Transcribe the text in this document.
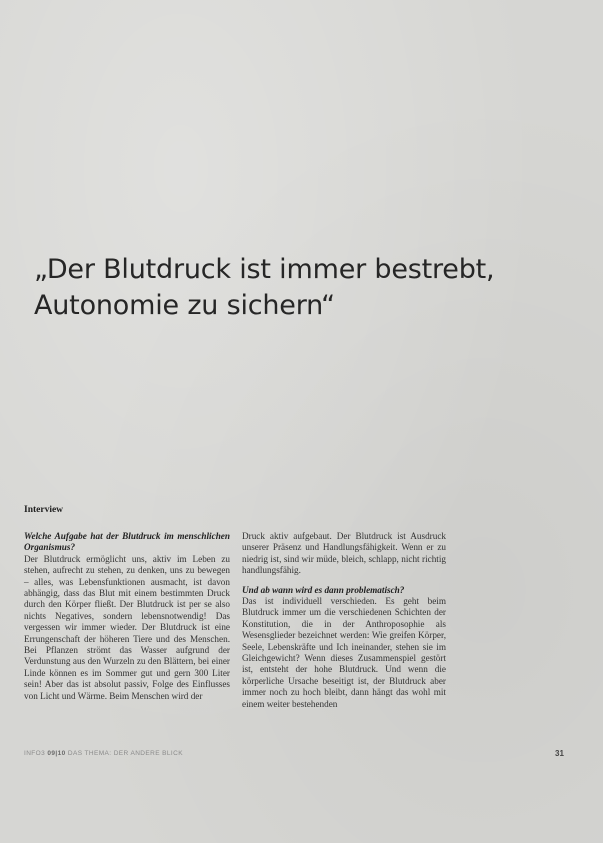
„Der Blutdruck ist immer bestrebt,
Autonomie zu sichern“
Interview

Welche Aufgabe hat der Blutdruck im menschlichen Organismus?

Der Blutdruck ermöglicht uns, aktiv im Leben zu stehen, aufrecht zu stehen, zu denken, uns zu bewegen – alles, was Lebensfunktionen ausmacht, ist davon abhängig, dass das Blut mit einem bestimmten Druck durch den Körper fließt. Der Blutdruck ist per se also nichts Negatives, sondern lebensnotwendig! Das vergessen wir immer wieder. Der Blutdruck ist eine Errungenschaft der höheren Tiere und des Menschen. Bei Pflanzen strömt das Wasser aufgrund der Verdunstung aus den Wurzeln zu den Blättern, bei einer Linde können es im Sommer gut und gern 300 Liter sein! Aber das ist absolut passiv, Folge des Einflusses von Licht und Wärme. Beim Menschen wird der

Druck aktiv aufgebaut. Der Blutdruck ist Ausdruck unserer Präsenz und Handlungsfähigkeit. Wenn er zu niedrig ist, sind wir müde, bleich, schlapp, nicht richtig handlungsfähig.

Und ab wann wird es dann problematisch?

Das ist individuell verschieden. Es geht beim Blutdruck immer um die verschiedenen Schichten der Konstitution, die in der Anthroposophie als Wesensglieder bezeichnet werden: Wie greifen Körper, Seele, Lebenskräfte und Ich ineinander, stehen sie im Gleichgewicht? Wenn dieses Zusammenspiel gestört ist, entsteht der hohe Blutdruck. Und wenn die körperliche Ursache beseitigt ist, der Blutdruck aber immer noch zu hoch bleibt, dann hängt das wohl mit einem weiter bestehenden

INFO3 09|10 DAS THEMA: DER ANDERE BLICK	31
